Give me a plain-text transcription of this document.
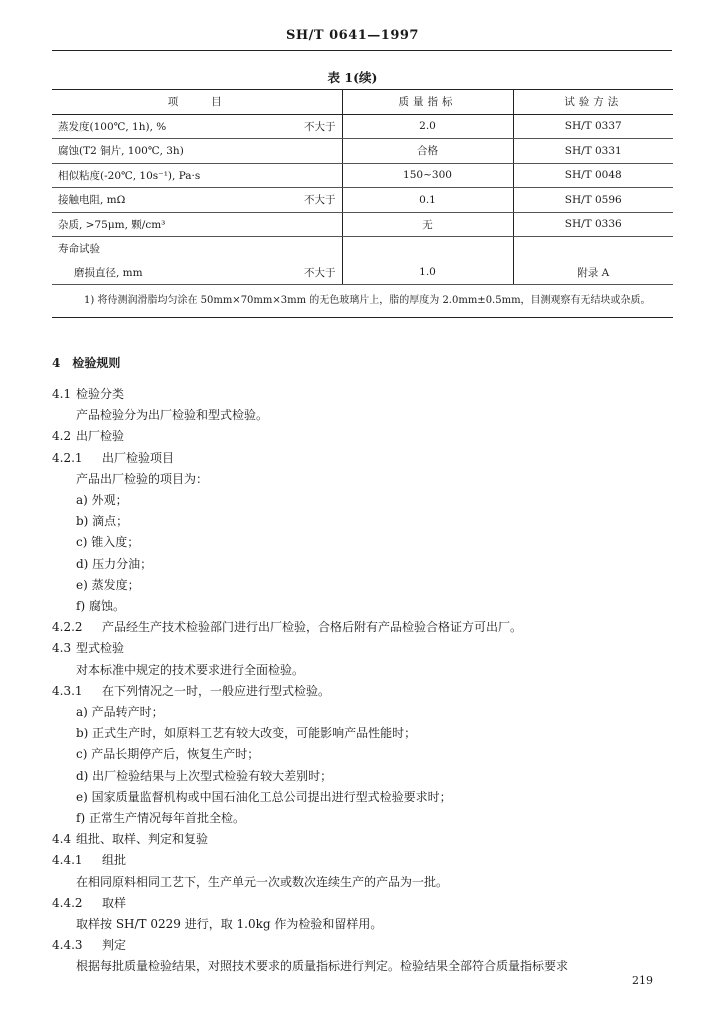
SH/T 0641—1997
表 1(续)
项　　目	质量指标	试验方法
蒸发度(100℃, 1h), % 不大于	2.0	SH/T 0337
腐蚀(T2 铜片, 100℃, 3h)	合格	SH/T 0331
相似粘度(-20℃, 10s⁻¹), Pa·s	150~300	SH/T 0048
接触电阻, mΩ 不大于	0.1	SH/T 0596
杂质, >75μm, 颗/cm³	无	SH/T 0336
寿命试验		
磨损直径, mm 不大于	1.0	附录 A
1) 将待测润滑脂均匀涂在 50mm×70mm×3mm 的无色玻璃片上，脂的厚度为 2.0mm±0.5mm，目测观察有无结块或杂质。		
4　检验规则
4.1 检验分类
产品检验分为出厂检验和型式检验。
4.2 出厂检验
4.2.1 出厂检验项目
产品出厂检验的项目为：
a) 外观；
b) 滴点；
c) 锥入度；
d) 压力分油；
e) 蒸发度；
f) 腐蚀。
4.2.2 产品经生产技术检验部门进行出厂检验，合格后附有产品检验合格证方可出厂。
4.3 型式检验
对本标准中规定的技术要求进行全面检验。
4.3.1 在下列情况之一时，一般应进行型式检验。
a) 产品转产时；
b) 正式生产时，如原料工艺有较大改变，可能影响产品性能时；
c) 产品长期停产后，恢复生产时；
d) 出厂检验结果与上次型式检验有较大差别时；
e) 国家质量监督机构或中国石油化工总公司提出进行型式检验要求时；
f) 正常生产情况每年首批全检。
4.4 组批、取样、判定和复验
4.4.1 组批
在相同原料相同工艺下，生产单元一次或数次连续生产的产品为一批。
4.4.2 取样
取样按 SH/T 0229 进行，取 1.0kg 作为检验和留样用。
4.4.3 判定
根据每批质量检验结果，对照技术要求的质量指标进行判定。检验结果全部符合质量指标要求
219
